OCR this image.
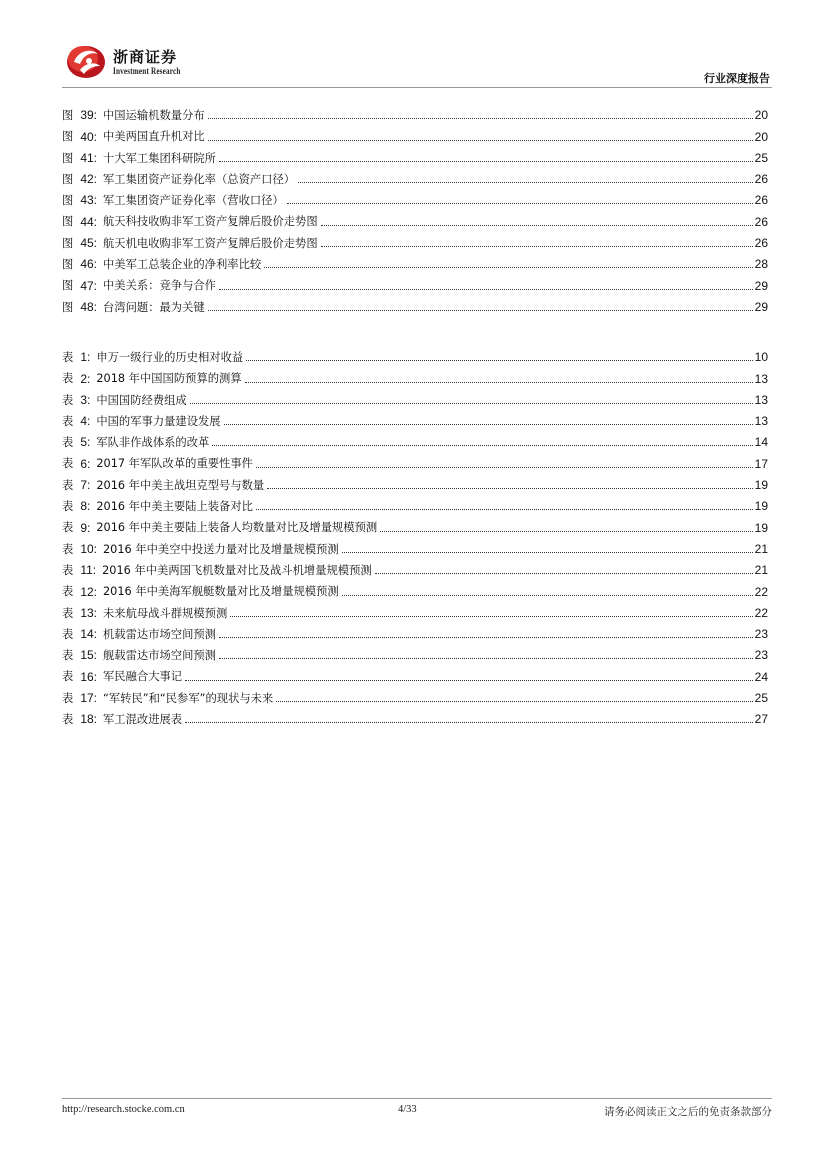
浙商证券
Investment Research
行业深度报告
图 39: 中国运输机数量分布	20
图 40: 中美两国直升机对比	20
图 41: 十大军工集团科研院所	25
图 42: 军工集团资产证券化率（总资产口径）	26
图 43: 军工集团资产证券化率（营收口径）	26
图 44: 航天科技收购非军工资产复牌后股价走势图	26
图 45: 航天机电收购非军工资产复牌后股价走势图	26
图 46: 中美军工总装企业的净利率比较	28
图 47: 中美关系：竞争与合作	29
图 48: 台湾问题：最为关键	29
表 1: 申万一级行业的历史相对收益	10
表 2: 2018 年中国国防预算的测算	13
表 3: 中国国防经费组成	13
表 4: 中国的军事力量建设发展	13
表 5: 军队非作战体系的改革	14
表 6: 2017 年军队改革的重要性事件	17
表 7: 2016 年中美主战坦克型号与数量	19
表 8: 2016 年中美主要陆上装备对比	19
表 9: 2016 年中美主要陆上装备人均数量对比及增量规模预测	19
表 10: 2016 年中美空中投送力量对比及增量规模预测	21
表 11: 2016 年中美两国飞机数量对比及战斗机增量规模预测	21
表 12: 2016 年中美海军舰艇数量对比及增量规模预测	22
表 13: 未来航母战斗群规模预测	22
表 14: 机载雷达市场空间预测	23
表 15: 舰载雷达市场空间预测	23
表 16: 军民融合大事记	24
表 17: “军转民”和“民参军”的现状与未来	25
表 18: 军工混改进展表	27
http://research.stocke.com.cn	4/33	请务必阅读正文之后的免责条款部分
